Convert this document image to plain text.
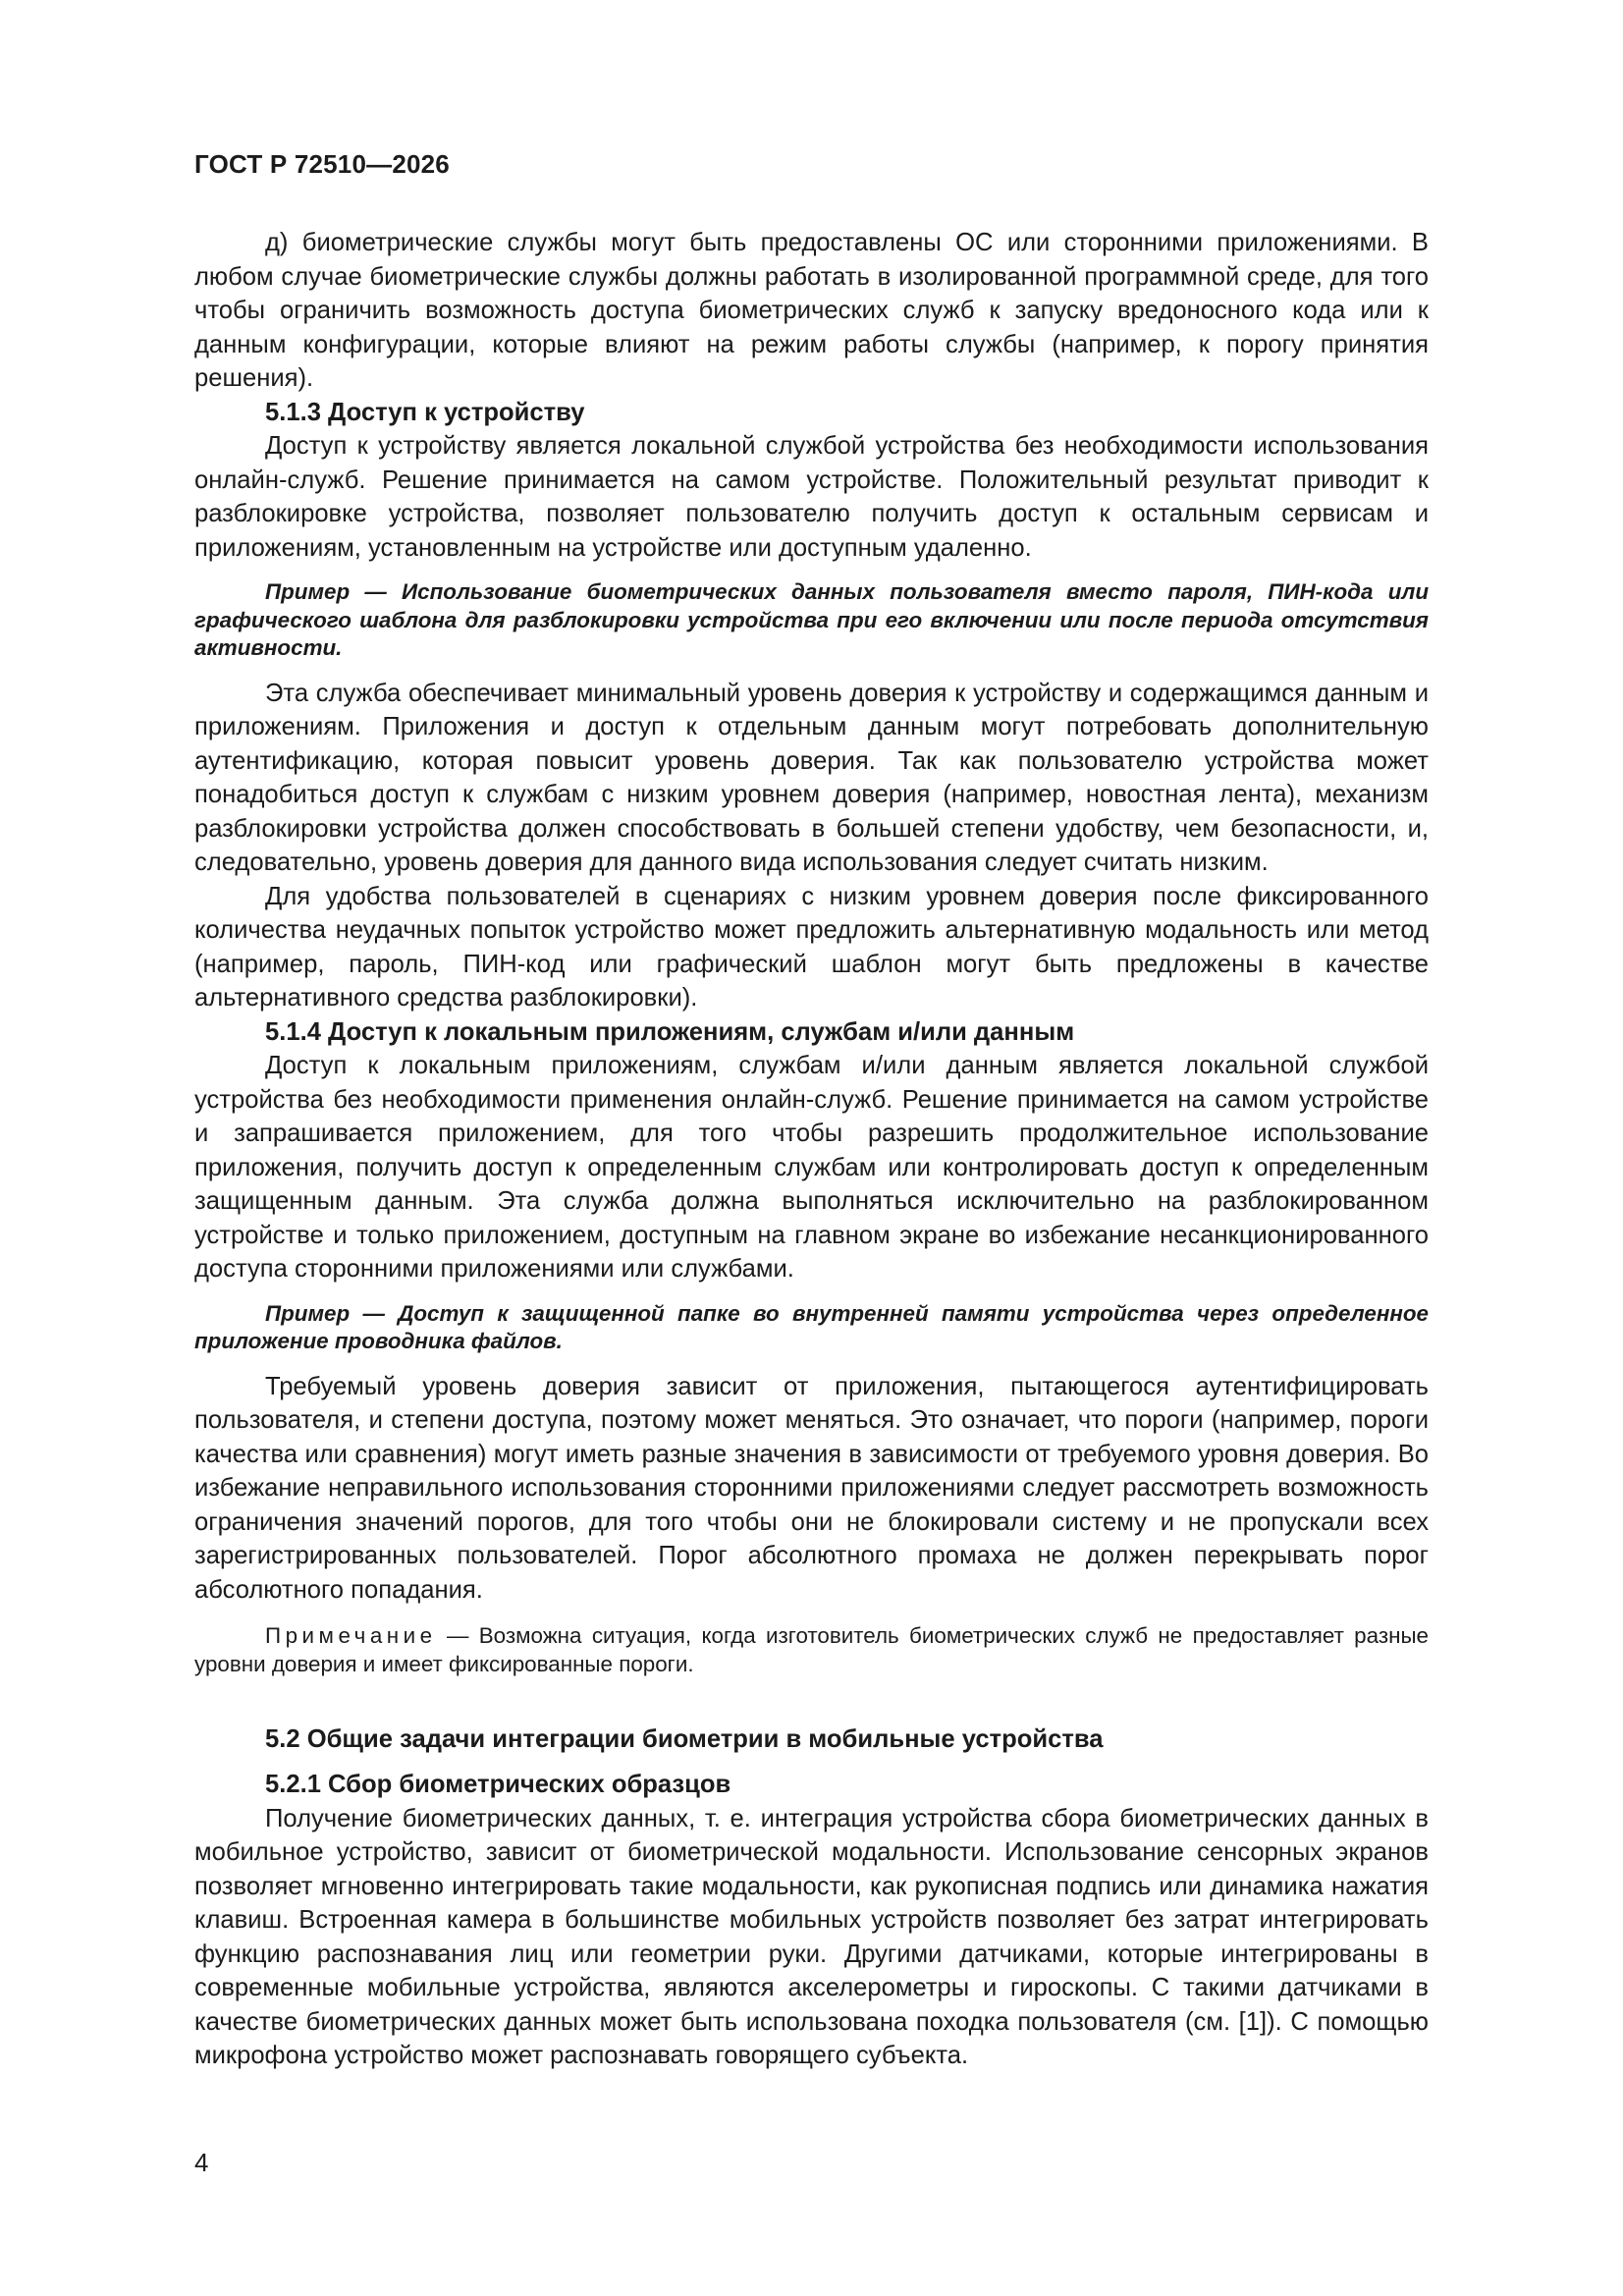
ГОСТ Р 72510—2026

д) биометрические службы могут быть предоставлены ОС или сторонними приложениями. В любом случае биометрические службы должны работать в изолированной программной среде, для того чтобы ограничить возможность доступа биометрических служб к запуску вредоносного кода или к данным конфигурации, которые влияют на режим работы службы (например, к порогу принятия решения).

5.1.3 Доступ к устройству

Доступ к устройству является локальной службой устройства без необходимости использования онлайн-служб. Решение принимается на самом устройстве. Положительный результат приводит к разблокировке устройства, позволяет пользователю получить доступ к остальным сервисам и приложениям, установленным на устройстве или доступным удаленно.

Пример — Использование биометрических данных пользователя вместо пароля, ПИН-кода или графического шаблона для разблокировки устройства при его включении или после периода отсутствия активности.

Эта служба обеспечивает минимальный уровень доверия к устройству и содержащимся данным и приложениям. Приложения и доступ к отдельным данным могут потребовать дополнительную аутентификацию, которая повысит уровень доверия. Так как пользователю устройства может понадобиться доступ к службам с низким уровнем доверия (например, новостная лента), механизм разблокировки устройства должен способствовать в большей степени удобству, чем безопасности, и, следовательно, уровень доверия для данного вида использования следует считать низким.

Для удобства пользователей в сценариях с низким уровнем доверия после фиксированного количества неудачных попыток устройство может предложить альтернативную модальность или метод (например, пароль, ПИН-код или графический шаблон могут быть предложены в качестве альтернативного средства разблокировки).

5.1.4 Доступ к локальным приложениям, службам и/или данным

Доступ к локальным приложениям, службам и/или данным является локальной службой устройства без необходимости применения онлайн-служб. Решение принимается на самом устройстве и запрашивается приложением, для того чтобы разрешить продолжительное использование приложения, получить доступ к определенным службам или контролировать доступ к определенным защищенным данным. Эта служба должна выполняться исключительно на разблокированном устройстве и только приложением, доступным на главном экране во избежание несанкционированного доступа сторонними приложениями или службами.

Пример — Доступ к защищенной папке во внутренней памяти устройства через определенное приложение проводника файлов.

Требуемый уровень доверия зависит от приложения, пытающегося аутентифицировать пользователя, и степени доступа, поэтому может меняться. Это означает, что пороги (например, пороги качества или сравнения) могут иметь разные значения в зависимости от требуемого уровня доверия. Во избежание неправильного использования сторонними приложениями следует рассмотреть возможность ограничения значений порогов, для того чтобы они не блокировали систему и не пропускали всех зарегистрированных пользователей. Порог абсолютного промаха не должен перекрывать порог абсолютного попадания.

Примечание — Возможна ситуация, когда изготовитель биометрических служб не предоставляет разные уровни доверия и имеет фиксированные пороги.

5.2 Общие задачи интеграции биометрии в мобильные устройства
5.2.1 Сбор биометрических образцов

Получение биометрических данных, т. е. интеграция устройства сбора биометрических данных в мобильное устройство, зависит от биометрической модальности. Использование сенсорных экранов позволяет мгновенно интегрировать такие модальности, как рукописная подпись или динамика нажатия клавиш. Встроенная камера в большинстве мобильных устройств позволяет без затрат интегрировать функцию распознавания лиц или геометрии руки. Другими датчиками, которые интегрированы в современные мобильные устройства, являются акселерометры и гироскопы. С такими датчиками в качестве биометрических данных может быть использована походка пользователя (см. [1]). С помощью микрофона устройство может распознавать говорящего субъекта.

4
